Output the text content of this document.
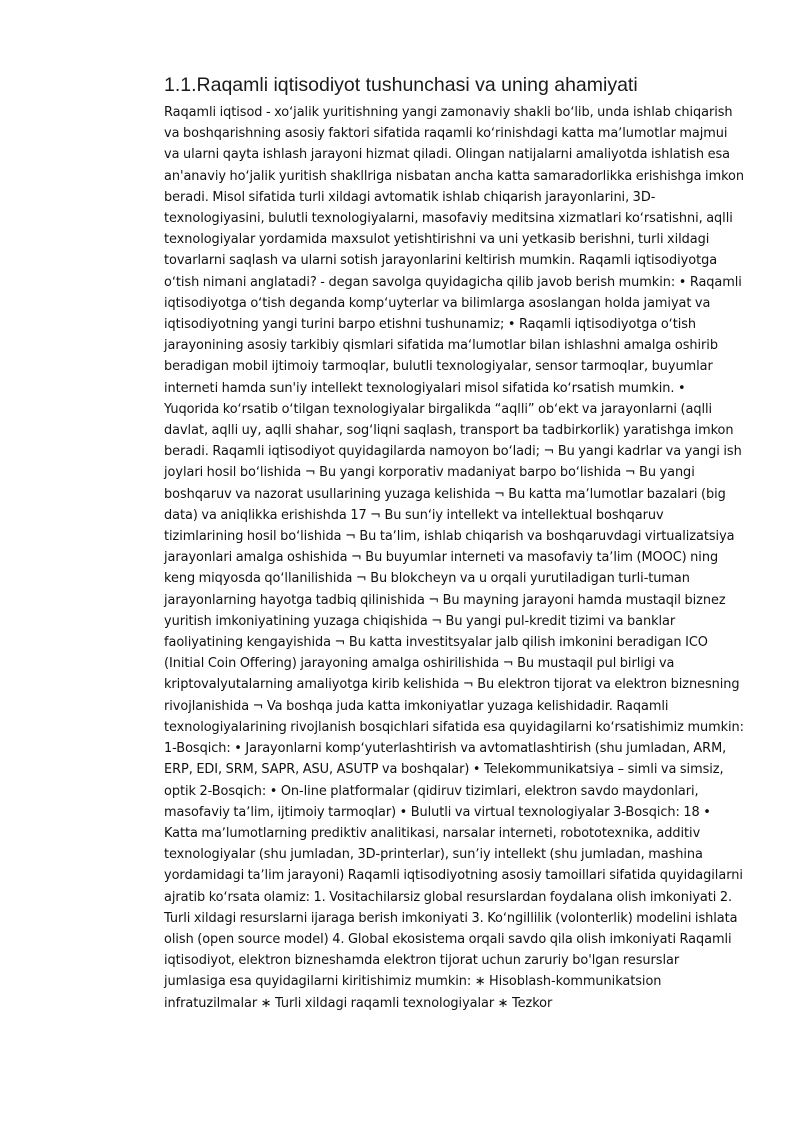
1.1.Raqamli iqtisodiyot tushunchasi va uning ahamiyati

Raqamli iqtisod - xoʻjalik yuritishning yangi zamonaviy shakli boʻlib, unda ishlab chiqarish va boshqarishning asosiy faktori sifatida raqamli koʻrinishdagi katta maʼlumotlar majmui va ularni qayta ishlash jarayoni hizmat qiladi. Olingan natijalarni amaliyotda ishlatish esa an'anaviy hoʻjalik yuritish shakllriga nisbatan ancha katta samaradorlikka erishishga imkon beradi. Misol sifatida turli xildagi avtomatik ishlab chiqarish jarayonlarini, 3D-texnologiyasini, bulutli texnologiyalarni, masofaviy meditsina xizmatlari koʻrsatishni, aqlli texnologiyalar yordamida maxsulot yetishtirishni va uni yetkasib berishni, turli xildagi tovarlarni saqlash va ularni sotish jarayonlarini keltirish mumkin. Raqamli iqtisodiyotga oʻtish nimani anglatadi? - degan savolga quyidagicha qilib javob berish mumkin: • Raqamli iqtisodiyotga oʻtish deganda kompʻuyterlar va bilimlarga asoslangan holda jamiyat va iqtisodiyotning yangi turini barpo etishni tushunamiz; • Raqamli iqtisodiyotga oʻtish jarayonining asosiy tarkibiy qismlari sifatida maʻlumotlar bilan ishlashni amalga oshirib beradigan mobil ijtimoiy tarmoqlar, bulutli texnologiyalar, sensor tarmoqlar, buyumlar interneti hamda sun'iy intellekt texnologiyalari misol sifatida koʻrsatish mumkin. • Yuqorida koʻrsatib oʻtilgan texnologiyalar birgalikda “aqlli” obʻekt va jarayonlarni (aqlli davlat, aqlli uy, aqlli shahar, sogʻliqni saqlash, transport ba tadbirkorlik) yaratishga imkon beradi. Raqamli iqtisodiyot quyidagilarda namoyon boʻladi; ¬ Bu yangi kadrlar va yangi ish joylari hosil boʻlishida ¬ Bu yangi korporativ madaniyat barpo boʻlishida ¬ Bu yangi boshqaruv va nazorat usullarining yuzaga kelishida ¬ Bu katta maʼlumotlar bazalari (big data) va aniqlikka erishishda 17 ¬ Bu sunʻiy intellekt va intellektual boshqaruv tizimlarining hosil boʻlishida ¬ Bu taʼlim, ishlab chiqarish va boshqaruvdagi virtualizatsiya jarayonlari amalga oshishida ¬ Bu buyumlar interneti va masofaviy taʼlim (MOOC) ning keng miqyosda qoʻllanilishida ¬ Bu blokcheyn va u orqali yurutiladigan turli-tuman jarayonlarning hayotga tadbiq qilinishida ¬ Bu mayning jarayoni hamda mustaqil biznez yuritish imkoniyatining yuzaga chiqishida ¬ Bu yangi pul-kredit tizimi va banklar faoliyatining kengayishida ¬ Bu katta investitsyalar jalb qilish imkonini beradigan ICO (Initial Coin Offering) jarayoning amalga oshirilishida ¬ Bu mustaqil pul birligi va kriptovalyutalarning amaliyotga kirib kelishida ¬ Bu elektron tijorat va elektron biznesning rivojlanishida ¬ Va boshqa juda katta imkoniyatlar yuzaga kelishidadir. Raqamli texnologiyalarining rivojlanish bosqichlari sifatida esa quyidagilarni koʻrsatishimiz mumkin: 1-Bosqich: • Jarayonlarni kompʻyuterlashtirish va avtomatlashtirish (shu jumladan, ARM, ERP, EDI, SRM, SAPR, ASU, ASUTP va boshqalar) • Telekommunikatsiya – simli va simsiz, optik 2-Bosqich: • On-line platformalar (qidiruv tizimlari, elektron savdo maydonlari, masofaviy taʼlim, ijtimoiy tarmoqlar) • Bulutli va virtual texnologiyalar 3-Bosqich: 18 • Katta maʼlumotlarning prediktiv analitikasi, narsalar interneti, robototexnika, additiv texnologiyalar (shu jumladan, 3D-printerlar), sunʼiy intellekt (shu jumladan, mashina yordamidagi taʼlim jarayoni) Raqamli iqtisodiyotning asosiy tamoillari sifatida quyidagilarni ajratib koʻrsata olamiz: 1. Vositachilarsiz global resurslardan foydalana olish imkoniyati 2. Turli xildagi resurslarni ijaraga berish imkoniyati 3. Koʻngillilik (volonterlik) modelini ishlata olish (open source model) 4. Global ekosistema orqali savdo qila olish imkoniyati Raqamli iqtisodiyot, elektron bizneshamda elektron tijorat uchun zaruriy bo'lgan resurslar jumlasiga esa quyidagilarni kiritishimiz mumkin: ∗ Hisoblash-kommunikatsion infratuzilmalar ∗ Turli xildagi raqamli texnologiyalar ∗ Tezkor
